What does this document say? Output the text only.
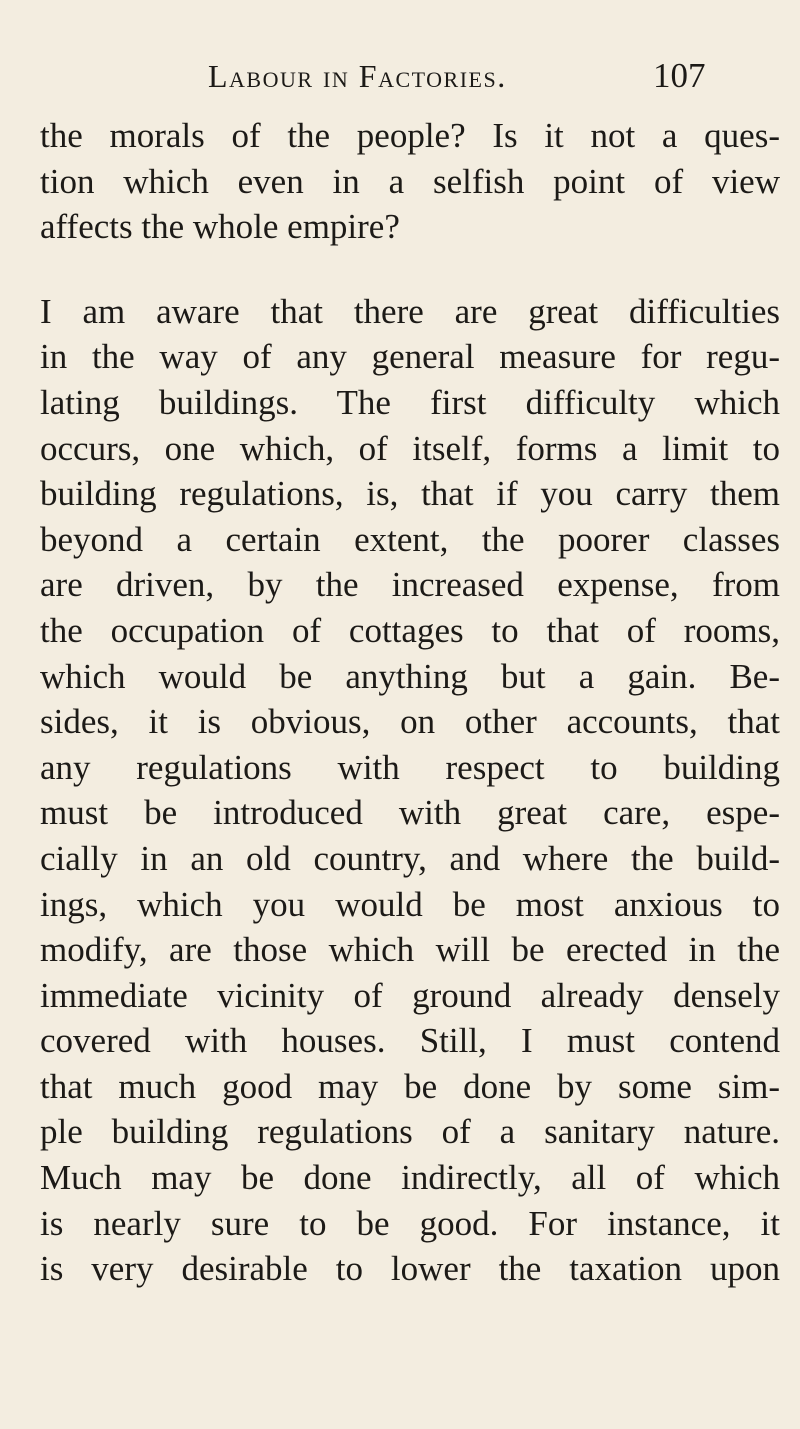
Labour in Factories.	107

the morals of the people? Is it not a ques-
tion which even in a selfish point of view
affects the whole empire?

I am aware that there are great difficulties
in the way of any general measure for regu-
lating buildings. The first difficulty which
occurs, one which, of itself, forms a limit to
building regulations, is, that if you carry them
beyond a certain extent, the poorer classes
are driven, by the increased expense, from
the occupation of cottages to that of rooms,
which would be anything but a gain. Be-
sides, it is obvious, on other accounts, that
any regulations with respect to building
must be introduced with great care, espe-
cially in an old country, and where the build-
ings, which you would be most anxious to
modify, are those which will be erected in the
immediate vicinity of ground already densely
covered with houses. Still, I must contend
that much good may be done by some sim-
ple building regulations of a sanitary nature.
Much may be done indirectly, all of which
is nearly sure to be good. For instance, it
is very desirable to lower the taxation upon
